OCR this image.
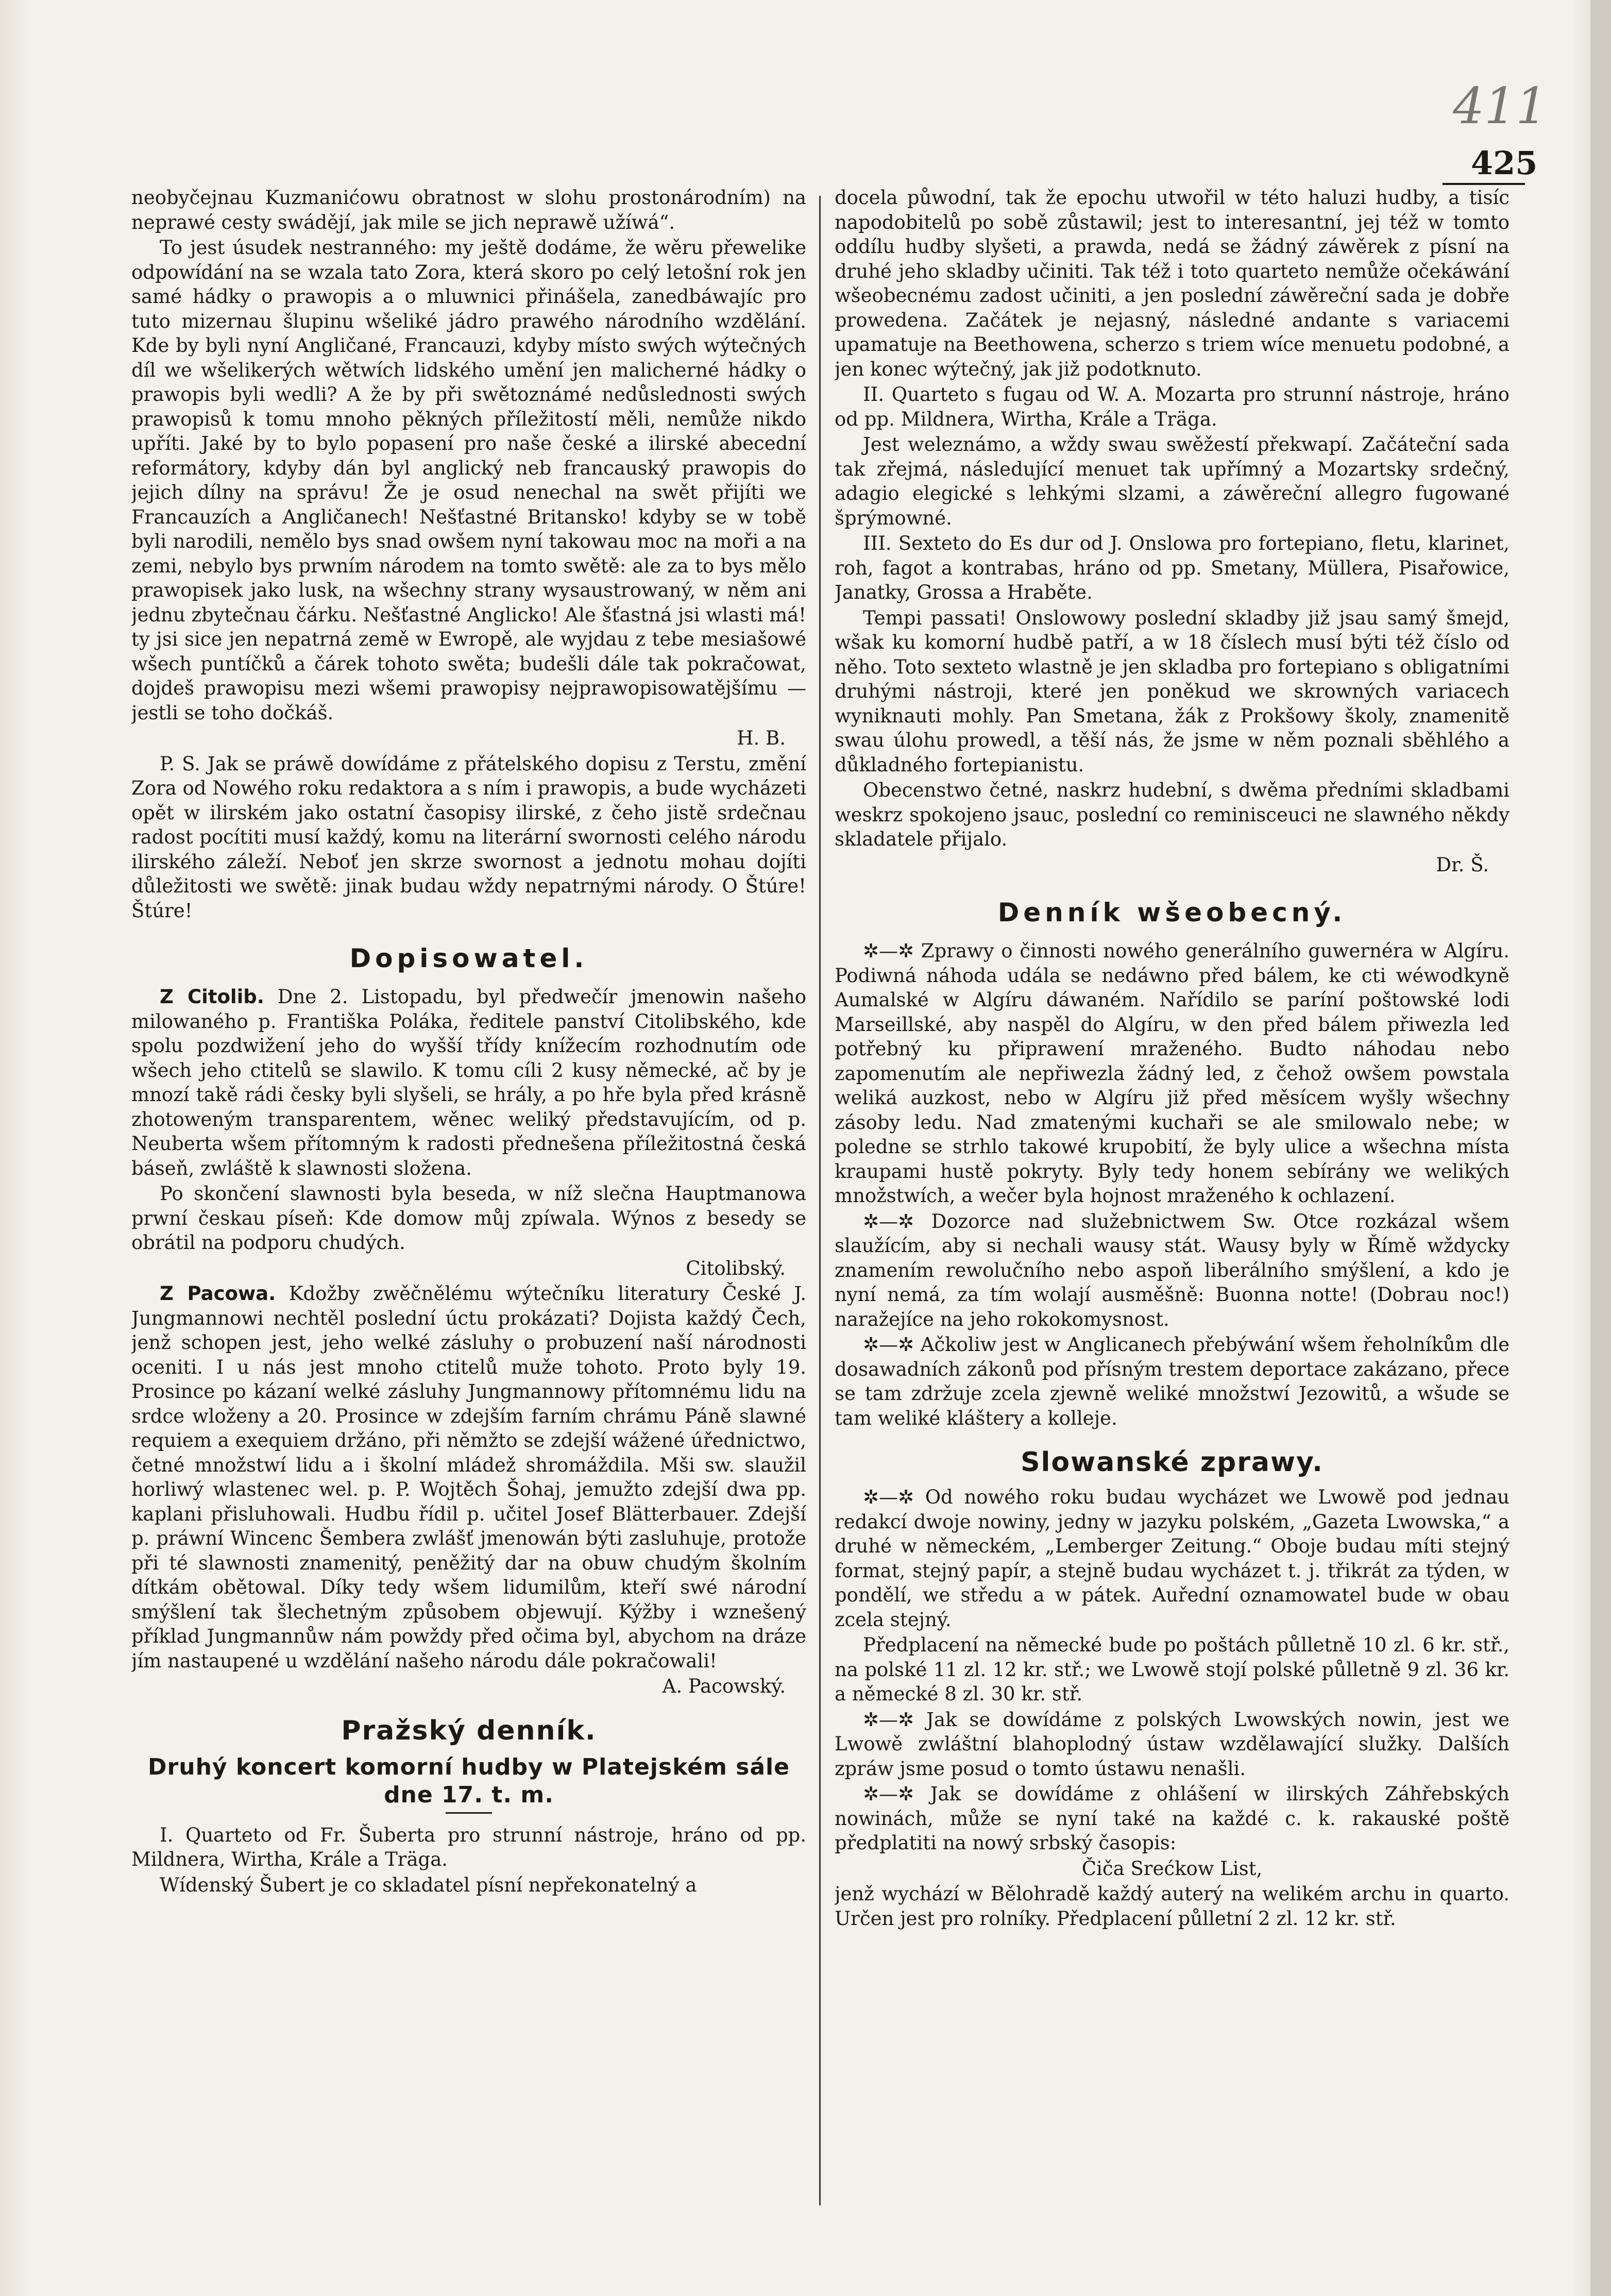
411
425

neobyčejnau Kuzmanićowu obratnost w slohu prostonárodním) na neprawé cesty swádějí, jak mile se jich neprawě užíwá“.

To jest úsudek nestranného: my ještě dodáme, že wěru přewelike odpowídání na se wzala tato Zora, která skoro po celý letošní rok jen samé hádky o prawopis a o mluwnici přinášela, zanedbáwajíc pro tuto mizernau šlupinu wšeliké jádro prawého národního wzdělání. Kde by byli nyní Angličané, Francauzi, kdyby místo swých wýtečných díl we wšelikerých wětwích lidského umění jen malicherné hádky o prawopis byli wedli? A že by při swětoznámé nedůslednosti swých prawopisů k tomu mnoho pěkných příležitostí měli, nemůže nikdo upříti. Jaké by to bylo popasení pro naše české a ilirské abecední reformátory, kdyby dán byl anglický neb francauský prawopis do jejich dílny na správu! Že je osud nenechal na swět přijíti we Francauzích a Angličanech! Nešťastné Britansko! kdyby se w tobě byli narodili, nemělo bys snad owšem nyní takowau moc na moři a na zemi, nebylo bys prwním národem na tomto swětě: ale za to bys mělo prawopisek jako lusk, na wšechny strany wysaustrowaný, w něm ani jednu zbytečnau čárku. Nešťastné Anglicko! Ale šťastná jsi wlasti má! ty jsi sice jen nepatrná země w Ewropě, ale wyjdau z tebe mesiašowé wšech puntíčků a čárek tohoto swěta; budešli dále tak pokračowat, dojdeš prawopisu mezi wšemi prawopisy nejprawopisowatějšímu — jestli se toho dočkáš.

H. B.

P. S. Jak se práwě dowídáme z přátelského dopisu z Terstu, změní Zora od Nowého roku redaktora a s ním i prawopis, a bude wycházeti opět w ilirském jako ostatní časopisy ilirské, z čeho jistě srdečnau radost pocítiti musí každý, komu na literární swornosti celého národu ilirského záleží. Neboť jen skrze swornost a jednotu mohau dojíti důležitosti we swětě: jinak budau wždy nepatrnými národy. O Štúre! Štúre!

Dopisowatel.

Z Citolib. Dne 2. Listopadu, byl předwečír jmenowin našeho milowaného p. Františka Poláka, ředitele panství Citolibského, kde spolu pozdwižení jeho do wyšší třídy knížecím rozhodnutím ode wšech jeho ctitelů se slawilo. K tomu cíli 2 kusy německé, ač by je mnozí takě rádi česky byli slyšeli, se hrály, a po hře byla před krásně zhotoweným transparentem, wěnec weliký představujícím, od p. Neuberta wšem přítomným k radosti přednešena příležitostná česká báseň, zwláště k slawnosti složena.

Po skončení slawnosti byla beseda, w níž slečna Hauptmanowa prwní českau píseň: Kde domow můj zpíwala. Wýnos z besedy se obrátil na podporu chudých.

Citolibský.

Z Pacowa. Kdožby zwěčnělému wýtečníku literatury České J. Jungmannowi nechtěl poslední úctu prokázati? Dojista každý Čech, jenž schopen jest, jeho welké zásluhy o probuzení naší národnosti oceniti. I u nás jest mnoho ctitelů muže tohoto. Proto byly 19. Prosince po kázaní welké zásluhy Jungmannowy přítomnému lidu na srdce wloženy a 20. Prosince w zdejším farním chrámu Páně slawné requiem a exequiem držáno, při němžto se zdejší wážené úřednictwo, četné množstwí lidu a i školní mládež shromáždila. Mši sw. slaužil horliwý wlastenec wel. p. P. Wojtěch Šohaj, jemužto zdejší dwa pp. kaplani přisluhowali. Hudbu řídil p. učitel Josef Blätterbauer. Zdejší p. práwní Wincenc Šembera zwlášť jmenowán býti zasluhuje, protože při té slawnosti znamenitý, peněžitý dar na obuw chudým školním dítkám obětowal. Díky tedy wšem lidumilům, kteří swé národní smýšlení tak šlechetným způsobem objewují. Kýžby i wznešený příklad Jungmannůw nám powždy před očima byl, abychom na dráze jím nastaupené u wzdělání našeho národu dále pokračowali!

A. Pacowský.
Pražský denník.
Druhý koncert komorní hudby w Platejském sále dne 17. t. m.

I. Quarteto od Fr. Šuberta pro strunní nástroje, hráno od pp. Mildnera, Wirtha, Krále a Träga.

Wídenský Šubert je co skladatel písní nepřekonatelný a

docela půwodní, tak že epochu utwořil w této haluzi hudby, a tisíc napodobitelů po sobě zůstawil; jest to interesantní, jej též w tomto oddílu hudby slyšeti, a prawda, nedá se žádný záwěrek z písní na druhé jeho skladby učiniti. Tak též i toto quarteto nemůže očekáwání wšeobecnému zadost učiniti, a jen poslední záwěreční sada je dobře prowedena. Začátek je nejasný, následné andante s variacemi upamatuje na Beethowena, scherzo s triem wíce menuetu podobné, a jen konec wýtečný, jak již podotknuto.

II. Quarteto s fugau od W. A. Mozarta pro strunní nástroje, hráno od pp. Mildnera, Wirtha, Krále a Träga.

Jest weleznámo, a wždy swau swěžestí překwapí. Začáteční sada tak zřejmá, následující menuet tak upřímný a Mozartsky srdečný, adagio elegické s lehkými slzami, a záwěreční allegro fugowané šprýmowné.

III. Sexteto do Es dur od J. Onslowa pro fortepiano, fletu, klarinet, roh, fagot a kontrabas, hráno od pp. Smetany, Müllera, Pisařowice, Janatky, Grossa a Hraběte.

Tempi passati! Onslowowy poslední skladby již jsau samý šmejd, wšak ku komorní hudbě patří, a w 18 číslech musí býti též číslo od něho. Toto sexteto wlastně je jen skladba pro fortepiano s obligatními druhými nástroji, které jen poněkud we skrowných variacech wyniknauti mohly. Pan Smetana, žák z Prokšowy školy, znamenitě swau úlohu prowedl, a těší nás, že jsme w něm poznali sběhlého a důkladného fortepianistu.

Obecenstwo četné, naskrz hudební, s dwěma předními skladbami weskrz spokojeno jsauc, poslední co reminisceuci ne slawného někdy skladatele přijalo.

Dr. Š.
Denník wšeobecný.

✲—✲ Zprawy o činnosti nowého generálního guwernéra w Algíru. Podiwná náhoda udála se nedáwno před bálem, ke cti wéwodkyně Aumalské w Algíru dáwaném. Nařídilo se paríní poštowské lodi Marseillské, aby naspěl do Algíru, w den před bálem přiwezla led potřebný ku připrawení mraženého. Budto náhodau nebo zapomenutím ale nepřiwezla žádný led, z čehož owšem powstala weliká auzkost, nebo w Algíru již před měsícem wyšly wšechny zásoby ledu. Nad zmatenými kuchaři se ale smilowalo nebe; w poledne se strhlo takowé krupobití, že byly ulice a wšechna místa kraupami hustě pokryty. Byly tedy honem sebírány we welikých množstwích, a wečer byla hojnost mraženého k ochlazení.

✲—✲ Dozorce nad služebnictwem Sw. Otce rozkázal wšem slaužícím, aby si nechali wausy stát. Wausy byly w Římě wždycky znamením rewolučního nebo aspoň liberálního smýšlení, a kdo je nyní nemá, za tím wolají ausměšně: Buonna notte! (Dobrau noc!) naražejíce na jeho rokokomysnost.

✲—✲ Ačkoliw jest w Anglicanech přebýwání wšem řeholníkům dle dosawadních zákonů pod přísným trestem deportace zakázano, přece se tam zdržuje zcela zjewně weliké množstwí Jezowitů, a wšude se tam weliké kláštery a kolleje.

Slowanské zprawy.

✲—✲ Od nowého roku budau wycházet we Lwowě pod jednau redakcí dwoje nowiny, jedny w jazyku polském, „Gazeta Lwowska,“ a druhé w německém, „Lemberger Zeitung.“ Oboje budau míti stejný format, stejný papír, a stejně budau wycházet t. j. třikrát za týden, w pondělí, we středu a w pátek. Auřední oznamowatel bude w obau zcela stejný.

Předplacení na německé bude po poštách půlletně 10 zl. 6 kr. stř., na polské 11 zl. 12 kr. stř.; we Lwowě stojí polské půlletně 9 zl. 36 kr. a německé 8 zl. 30 kr. stř.

✲—✲ Jak se dowídáme z polských Lwowských nowin, jest we Lwowě zwláštní blahoplodný ústaw wzdělawající služky. Dalších zpráw jsme posud o tomto ústawu nenašli.

✲—✲ Jak se dowídáme z ohlášení w ilirských Záhřebských nowinách, může se nyní také na každé c. k. rakauské poště předplatiti na nowý srbský časopis:

Čiča Srećkow List,

jenž wychází w Bělohradě každý auterý na welikém archu in quarto. Určen jest pro rolníky. Předplacení půlletní 2 zl. 12 kr. stř.
